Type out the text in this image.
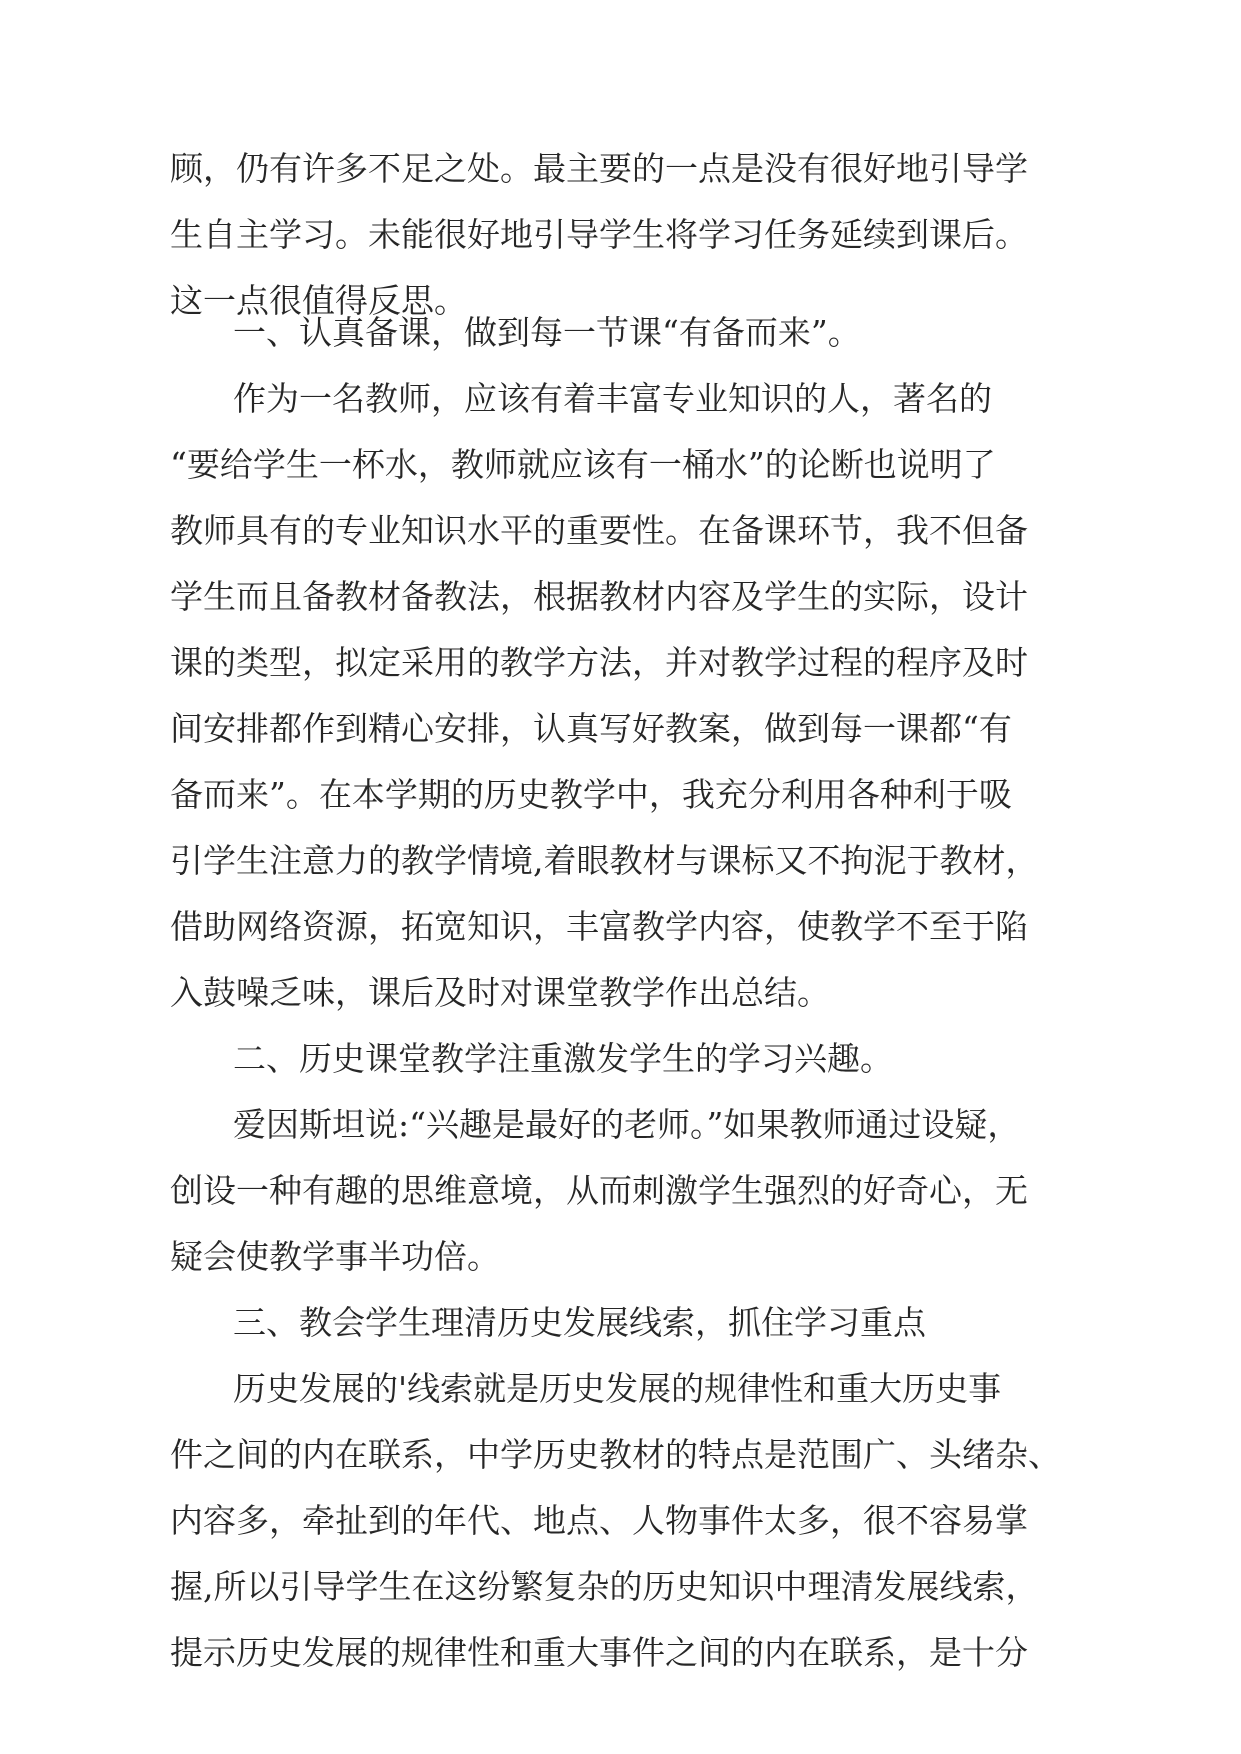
顾，仍有许多不足之处。最主要的一点是没有很好地引导学

生自主学习。未能很好地引导学生将学习任务延续到课后。

这一点很值得反思。

一、认真备课，做到每一节课“有备而来”。

作为一名教师，应该有着丰富专业知识的人，著名的

“要给学生一杯水，教师就应该有一桶水”的论断也说明了

教师具有的专业知识水平的重要性。在备课环节，我不但备

学生而且备教材备教法，根据教材内容及学生的实际，设计

课的类型，拟定采用的教学方法，并对教学过程的程序及时

间安排都作到精心安排，认真写好教案，做到每一课都“有

备而来”。在本学期的历史教学中，我充分利用各种利于吸

引学生注意力的教学情境,着眼教材与课标又不拘泥于教材，

借助网络资源，拓宽知识，丰富教学内容，使教学不至于陷

入鼓噪乏味，课后及时对课堂教学作出总结。

二、历史课堂教学注重激发学生的学习兴趣。

爱因斯坦说:“兴趣是最好的老师。”如果教师通过设疑，

创设一种有趣的思维意境，从而刺激学生强烈的好奇心，无

疑会使教学事半功倍。

三、教会学生理清历史发展线索，抓住学习重点

历史发展的'线索就是历史发展的规律性和重大历史事

件之间的内在联系，中学历史教材的特点是范围广、头绪杂、

内容多，牵扯到的年代、地点、人物事件太多，很不容易掌

握,所以引导学生在这纷繁复杂的历史知识中理清发展线索，

提示历史发展的规律性和重大事件之间的内在联系，是十分
